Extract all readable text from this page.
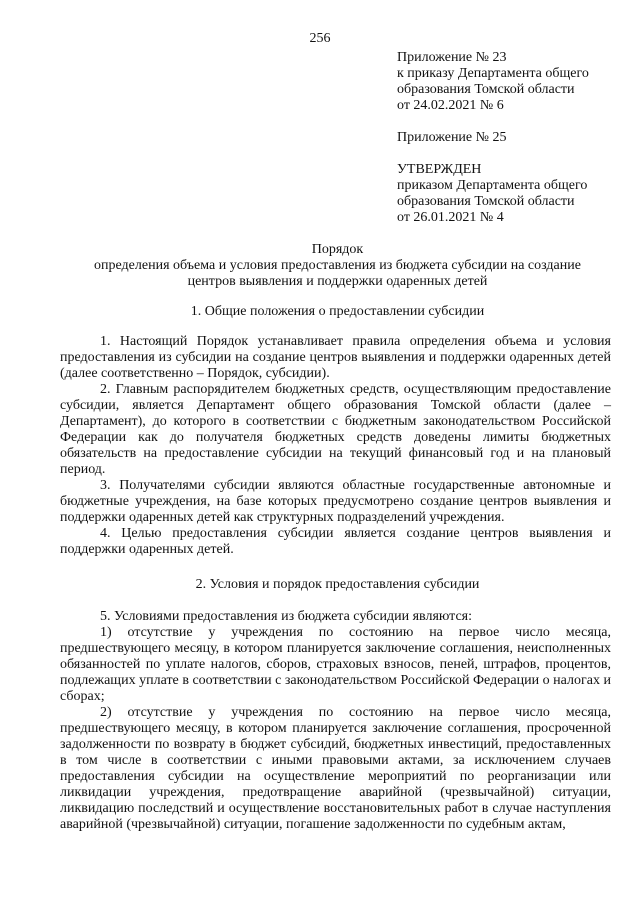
256
Приложение № 23
к приказу Департамента общего
образования Томской области
от 24.02.2021 № 6
Приложение № 25
УТВЕРЖДЕН
приказом Департамента общего
образования Томской области
от 26.01.2021 № 4
Порядок
определения объема и условия предоставления из бюджета субсидии на создание
центров выявления и поддержки одаренных детей
1. Общие положения о предоставлении субсидии

1. Настоящий Порядок устанавливает правила определения объема и условия предоставления из субсидии на создание центров выявления и поддержки одаренных детей (далее соответственно – Порядок, субсидии).

2. Главным распорядителем бюджетных средств, осуществляющим предоставление субсидии, является Департамент общего образования Томской области (далее – Департамент), до которого в соответствии с бюджетным законодательством Российской Федерации как до получателя бюджетных средств доведены лимиты бюджетных обязательств на предоставление субсидии на текущий финансовый год и на плановый период.

3. Получателями субсидии являются областные государственные автономные и бюджетные учреждения, на базе которых предусмотрено создание центров выявления и поддержки одаренных детей как структурных подразделений учреждения.

4. Целью предоставления субсидии является создание центров выявления и поддержки одаренных детей.

2. Условия и порядок предоставления субсидии

5. Условиями предоставления из бюджета субсидии являются:

1) отсутствие у учреждения по состоянию на первое число месяца, предшествующего месяцу, в котором планируется заключение соглашения, неисполненных обязанностей по уплате налогов, сборов, страховых взносов, пеней, штрафов, процентов, подлежащих уплате в соответствии с законодательством Российской Федерации о налогах и сборах;

2) отсутствие у учреждения по состоянию на первое число месяца, предшествующего месяцу, в котором планируется заключение соглашения, просроченной задолженности по возврату в бюджет субсидий, бюджетных инвестиций, предоставленных в том числе в соответствии с иными правовыми актами, за исключением случаев предоставления субсидии на осуществление мероприятий по реорганизации или ликвидации учреждения, предотвращение аварийной (чрезвычайной) ситуации, ликвидацию последствий и осуществление восстановительных работ в случае наступления аварийной (чрезвычайной) ситуации, погашение задолженности по судебным актам,
